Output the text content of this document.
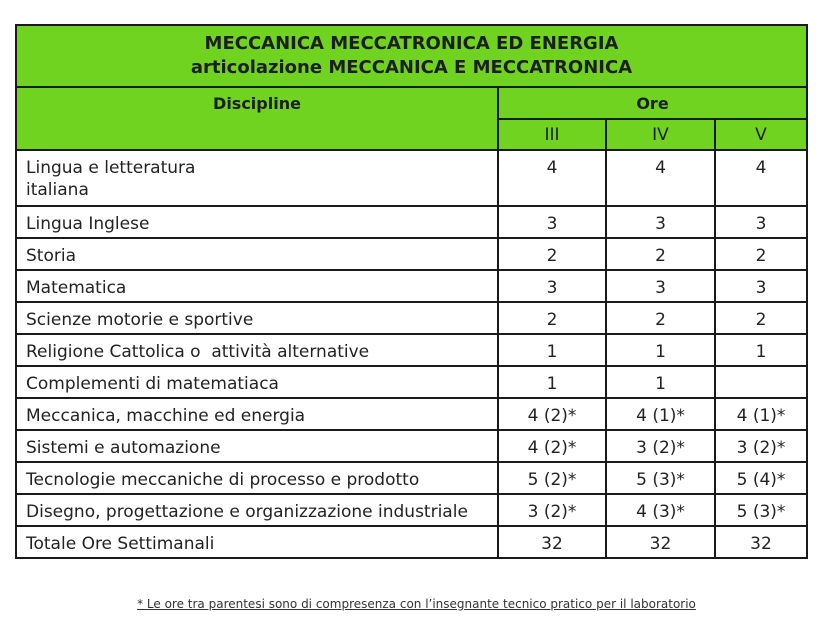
MECCANICA MECCATRONICA ED ENERGIA
articolazione MECCANICA E MECCATRONICA			

Discipline	Ore		
	III	IV	V

Lingua e letteratura
italiana	4	4	4
Lingua Inglese	3	3	3
Storia	2	2	2
Matematica	3	3	3
Scienze motorie e sportive	2	2	2
Religione Cattolica o  attività alternative	1	1	1
Complementi di matematiaca	1	1	
Meccanica, macchine ed energia	4 (2)*	4 (1)*	4 (1)*
Sistemi e automazione	4 (2)*	3 (2)*	3 (2)*
Tecnologie meccaniche di processo e prodotto	5 (2)*	5 (3)*	5 (4)*
Disegno, progettazione e organizzazione industriale	3 (2)*	4 (3)*	5 (3)*
Totale Ore Settimanali	32	32	32
* Le ore tra parentesi sono di compresenza con l’insegnante tecnico pratico per il laboratorio
